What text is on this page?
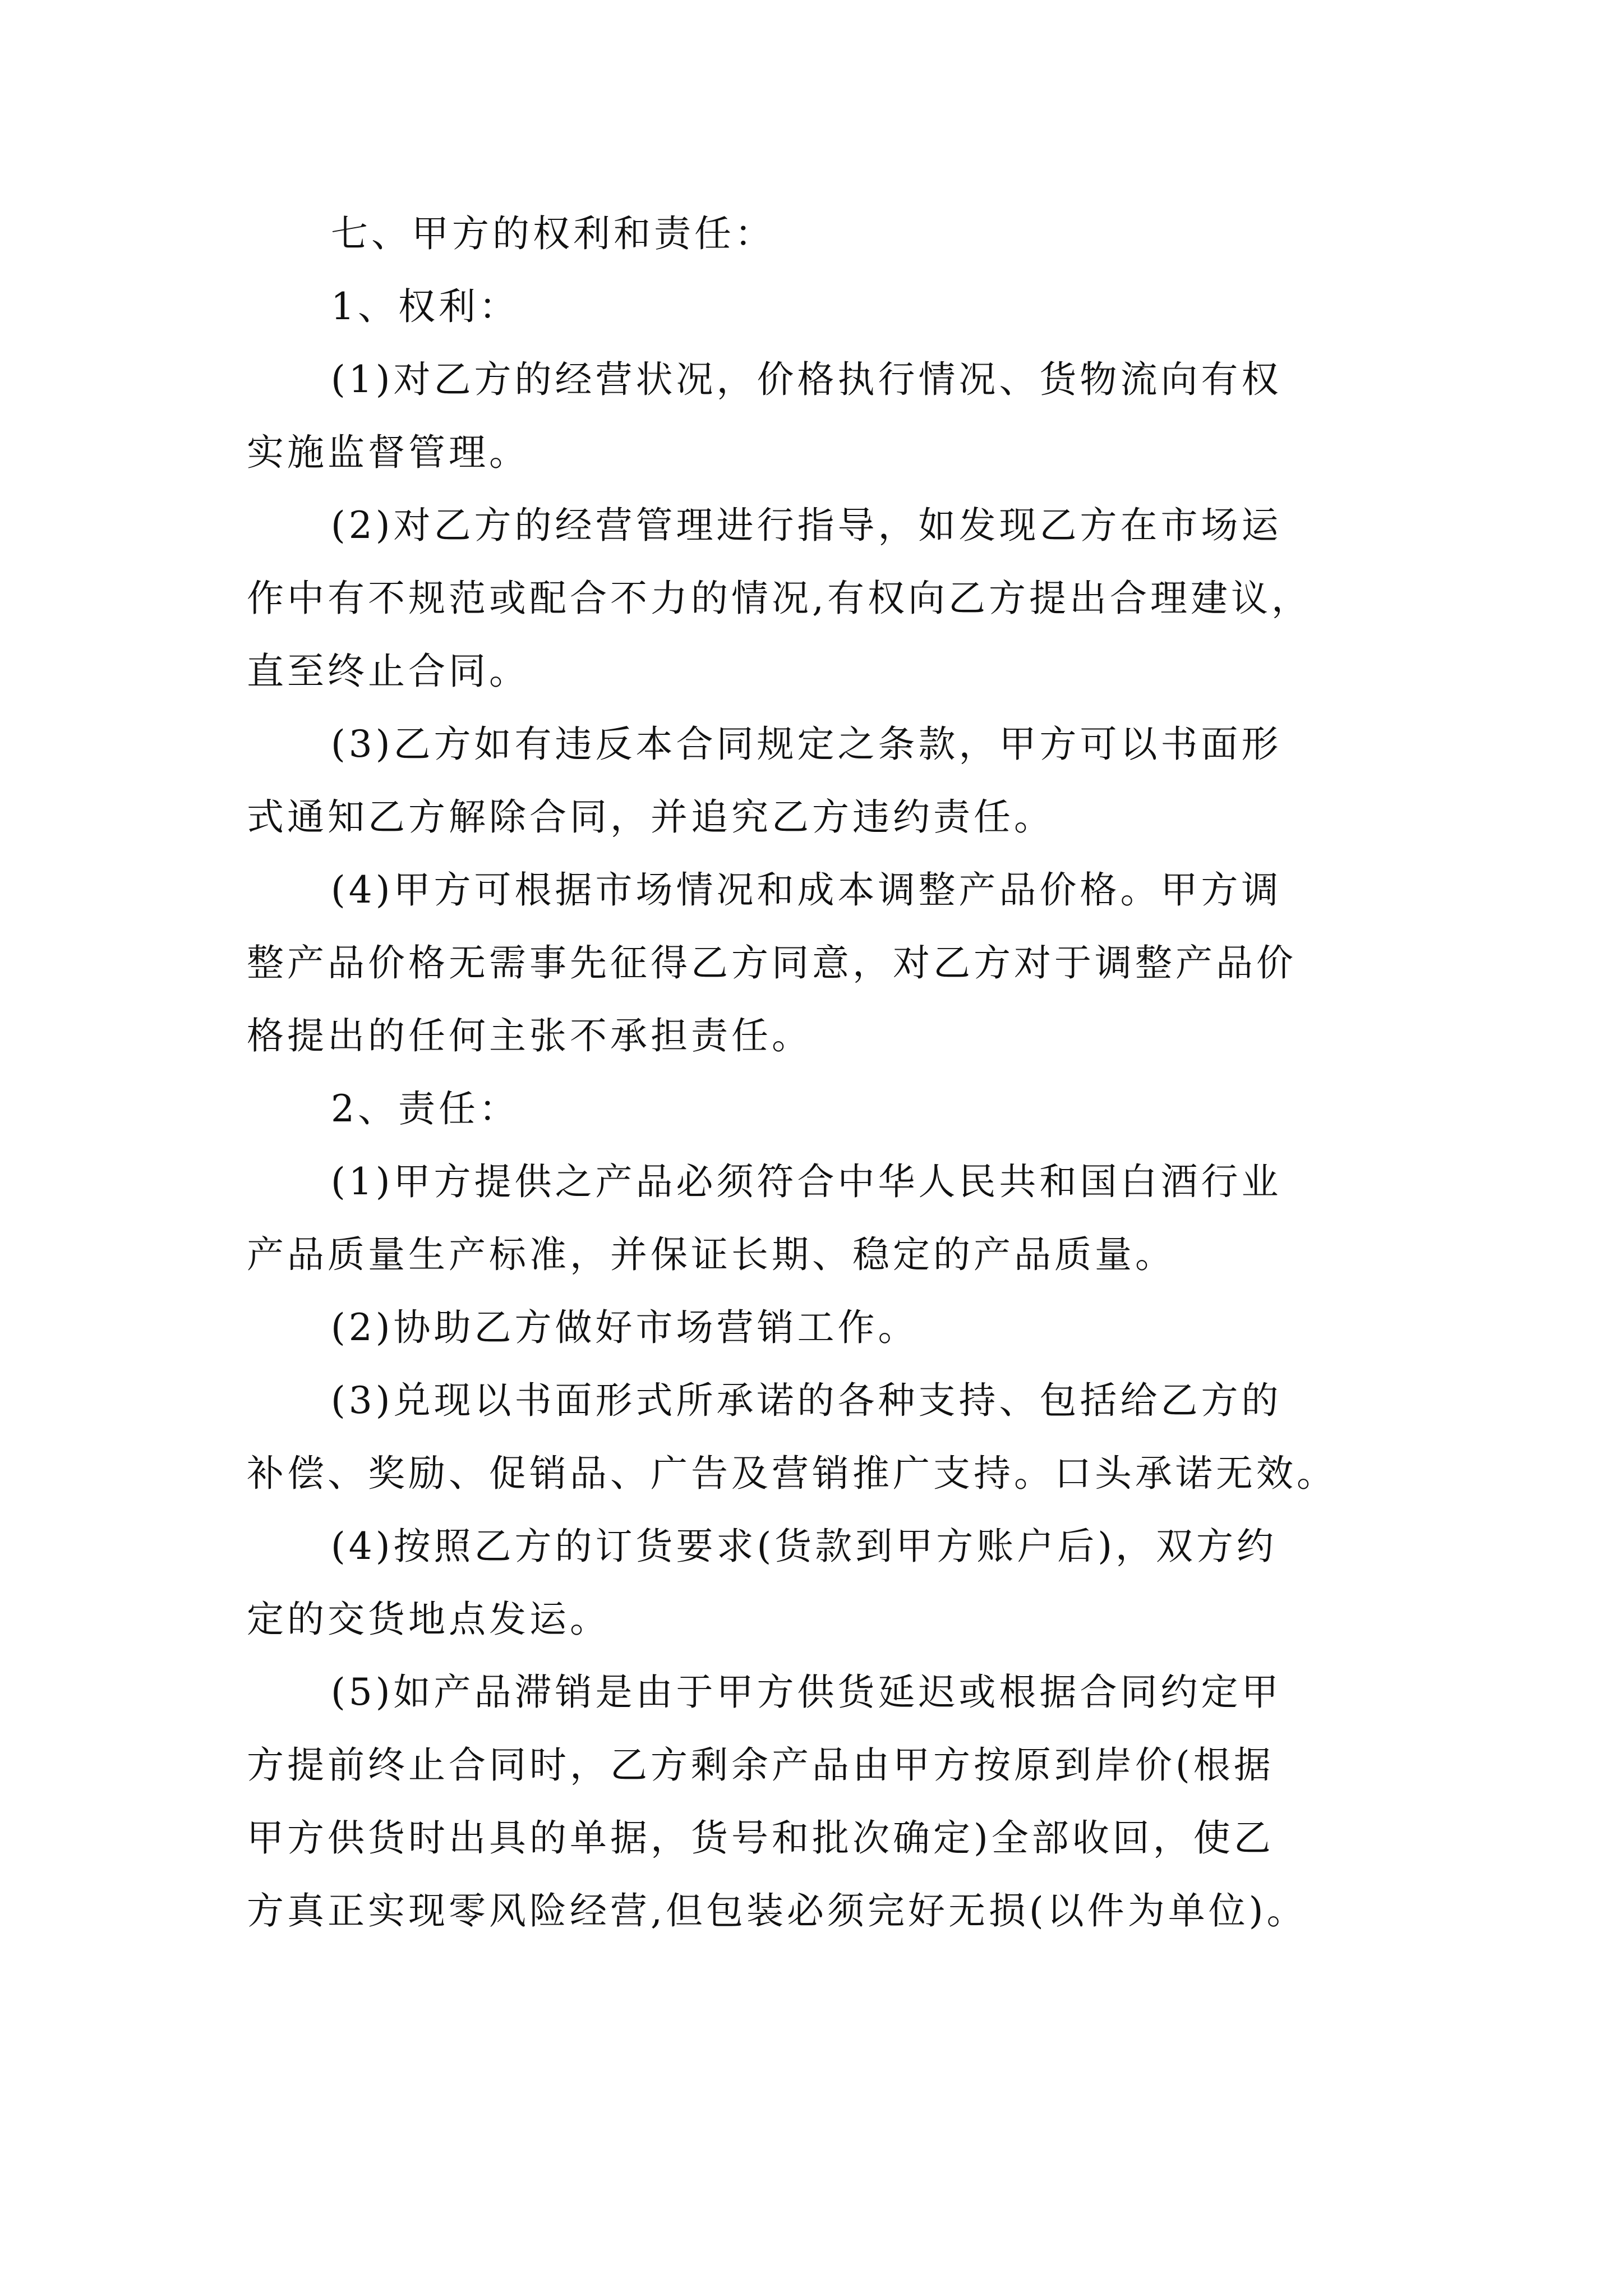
七、甲方的权利和责任：

1、权利：

(1)对乙方的经营状况，价格执行情况、货物流向有权

实施监督管理。

(2)对乙方的经营管理进行指导，如发现乙方在市场运

作中有不规范或配合不力的情况,有权向乙方提出合理建议，

直至终止合同。

(3)乙方如有违反本合同规定之条款，甲方可以书面形

式通知乙方解除合同，并追究乙方违约责任。

(4)甲方可根据市场情况和成本调整产品价格。甲方调

整产品价格无需事先征得乙方同意，对乙方对于调整产品价

格提出的任何主张不承担责任。

2、责任：

(1)甲方提供之产品必须符合中华人民共和国白酒行业

产品质量生产标准，并保证长期、稳定的产品质量。

(2)协助乙方做好市场营销工作。

(3)兑现以书面形式所承诺的各种支持、包括给乙方的

补偿、奖励、促销品、广告及营销推广支持。口头承诺无效。

(4)按照乙方的订货要求(货款到甲方账户后)，双方约

定的交货地点发运。

(5)如产品滞销是由于甲方供货延迟或根据合同约定甲

方提前终止合同时，乙方剩余产品由甲方按原到岸价(根据

甲方供货时出具的单据，货号和批次确定)全部收回，使乙

方真正实现零风险经营,但包装必须完好无损(以件为单位)。
